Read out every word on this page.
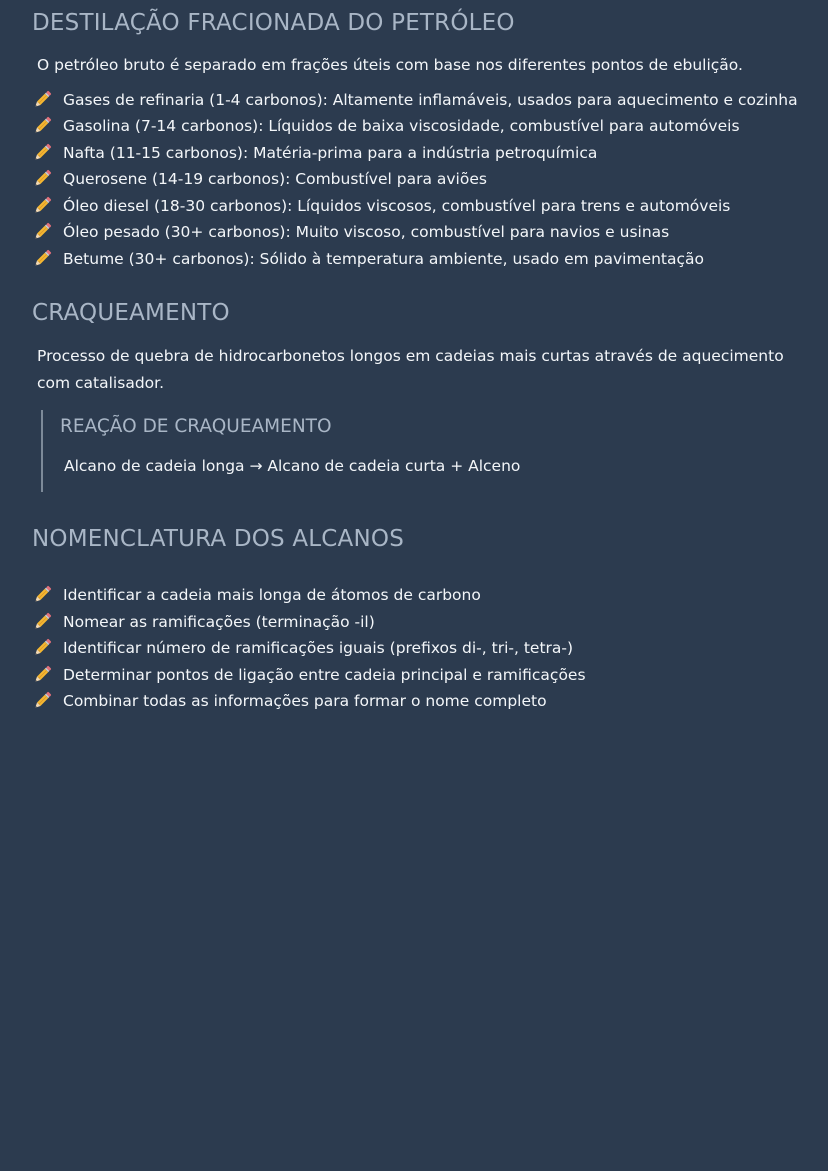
DESTILAÇÃO FRACIONADA DO PETRÓLEO

O petróleo bruto é separado em frações úteis com base nos diferentes pontos de ebulição.

Gases de refinaria (1-4 carbonos): Altamente inflamáveis, usados para aquecimento e cozinha
Gasolina (7-14 carbonos): Líquidos de baixa viscosidade, combustível para automóveis
Nafta (11-15 carbonos): Matéria-prima para a indústria petroquímica
Querosene (14-19 carbonos): Combustível para aviões
Óleo diesel (18-30 carbonos): Líquidos viscosos, combustível para trens e automóveis
Óleo pesado (30+ carbonos): Muito viscoso, combustível para navios e usinas
Betume (30+ carbonos): Sólido à temperatura ambiente, usado em pavimentação
CRAQUEAMENTO

Processo de quebra de hidrocarbonetos longos em cadeias mais curtas através de aquecimento com catalisador.

REAÇÃO DE CRAQUEAMENTO
Alcano de cadeia longa → Alcano de cadeia curta + Alceno
NOMENCLATURA DOS ALCANOS
Identificar a cadeia mais longa de átomos de carbono
Nomear as ramificações (terminação -il)
Identificar número de ramificações iguais (prefixos di-, tri-, tetra-)
Determinar pontos de ligação entre cadeia principal e ramificações
Combinar todas as informações para formar o nome completo
